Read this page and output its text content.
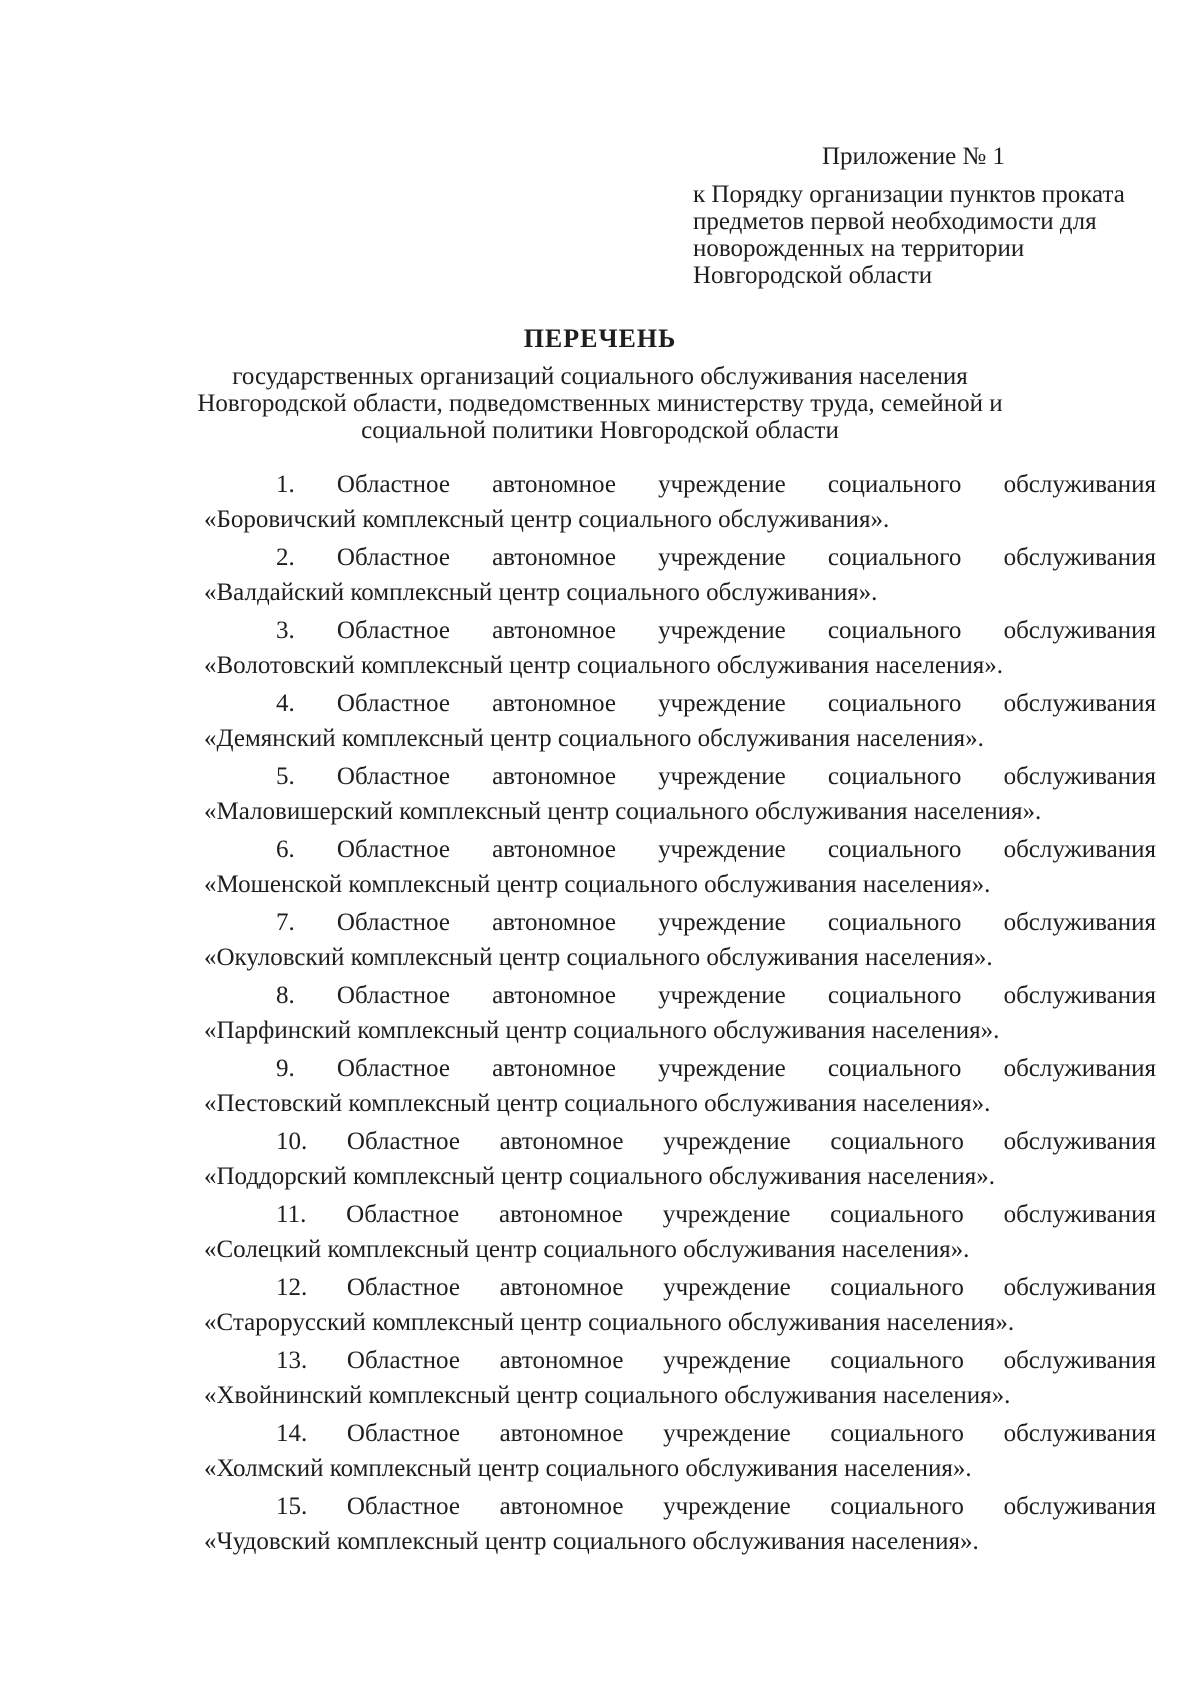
Приложение № 1
к Порядку организации пунктов проката
предметов первой необходимости для
новорожденных на территории
Новгородской области
ПЕРЕЧЕНЬ
государственных организаций социального обслуживания населения
Новгородской области, подведомственных министерству труда, семейной и
социальной политики Новгородской области
1. Областное автономное учреждение социального обслуживания
«Боровичский комплексный центр социального обслуживания».
2. Областное автономное учреждение социального обслуживания
«Валдайский комплексный центр социального обслуживания».
3. Областное автономное учреждение социального обслуживания
«Волотовский комплексный центр социального обслуживания населения».
4. Областное автономное учреждение социального обслуживания
«Демянский комплексный центр социального обслуживания населения».
5. Областное автономное учреждение социального обслуживания
«Маловишерский комплексный центр социального обслуживания населения».
6. Областное автономное учреждение социального обслуживания
«Мошенской комплексный центр социального обслуживания населения».
7. Областное автономное учреждение социального обслуживания
«Окуловский комплексный центр социального обслуживания населения».
8. Областное автономное учреждение социального обслуживания
«Парфинский комплексный центр социального обслуживания населения».
9. Областное автономное учреждение социального обслуживания
«Пестовский комплексный центр социального обслуживания населения».
10. Областное автономное учреждение социального обслуживания
«Поддорский комплексный центр социального обслуживания населения».
11. Областное автономное учреждение социального обслуживания
«Солецкий комплексный центр социального обслуживания населения».
12. Областное автономное учреждение социального обслуживания
«Старорусский комплексный центр социального обслуживания населения».
13. Областное автономное учреждение социального обслуживания
«Хвойнинский комплексный центр социального обслуживания населения».
14. Областное автономное учреждение социального обслуживания
«Холмский комплексный центр социального обслуживания населения».
15. Областное автономное учреждение социального обслуживания
«Чудовский комплексный центр социального обслуживания населения».
